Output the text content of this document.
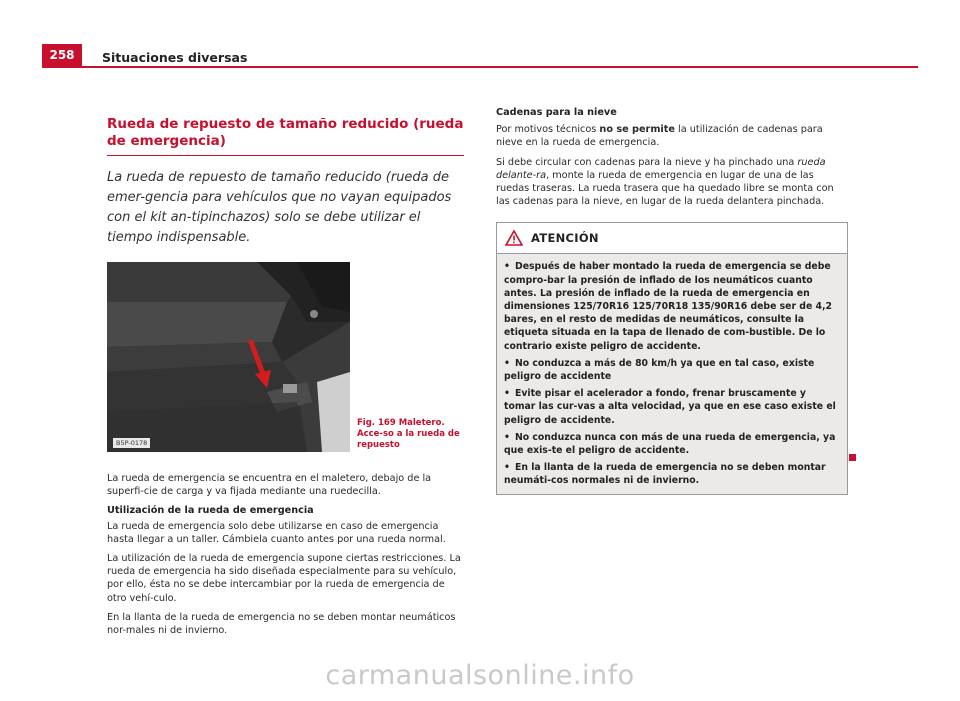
258	Situaciones diversas
Rueda de repuesto de tamaño reducido (rueda de emergencia)
La rueda de repuesto de tamaño reducido (rueda de emer-gencia para vehículos que no vayan equipados con el kit an-tipinchazos) solo se debe utilizar el tiempo indispensable.
B5P-0178
Fig. 169 Maletero. Acce-so a la rueda de repuesto

La rueda de emergencia se encuentra en el maletero, debajo de la superfi-cie de carga y va fijada mediante una ruedecilla.

Utilización de la rueda de emergencia

La rueda de emergencia solo debe utilizarse en caso de emergencia hasta llegar a un taller. Cámbiela cuanto antes por una rueda normal.

La utilización de la rueda de emergencia supone ciertas restricciones. La rueda de emergencia ha sido diseñada especialmente para su vehículo, por ello, ésta no se debe intercambiar por la rueda de emergencia de otro vehí-culo.

En la llanta de la rueda de emergencia no se deben montar neumáticos nor-males ni de invierno.

Cadenas para la nieve

Por motivos técnicos no se permite la utilización de cadenas para nieve en la rueda de emergencia.

Si debe circular con cadenas para la nieve y ha pinchado una rueda delante-ra, monte la rueda de emergencia en lugar de una de las ruedas traseras. La rueda trasera que ha quedado libre se monta con las cadenas para la nieve, en lugar de la rueda delantera pinchada.

ATENCIÓN
• Después de haber montado la rueda de emergencia se debe compro-bar la presión de inflado de los neumáticos cuanto antes. La presión de inflado de la rueda de emergencia en dimensiones 125/70R16 125/70R18 135/90R16 debe ser de 4,2 bares, en el resto de medidas de neumáticos, consulte la etiqueta situada en la tapa de llenado de com-bustible. De lo contrario existe peligro de accidente.
• No conduzca a más de 80 km/h ya que en tal caso, existe peligro de accidente
• Evite pisar el acelerador a fondo, frenar bruscamente y tomar las cur-vas a alta velocidad, ya que en ese caso existe el peligro de accidente.
• No conduzca nunca con más de una rueda de emergencia, ya que exis-te el peligro de accidente.
• En la llanta de la rueda de emergencia no se deben montar neumáti-cos normales ni de invierno.
carmanualsonline.info
